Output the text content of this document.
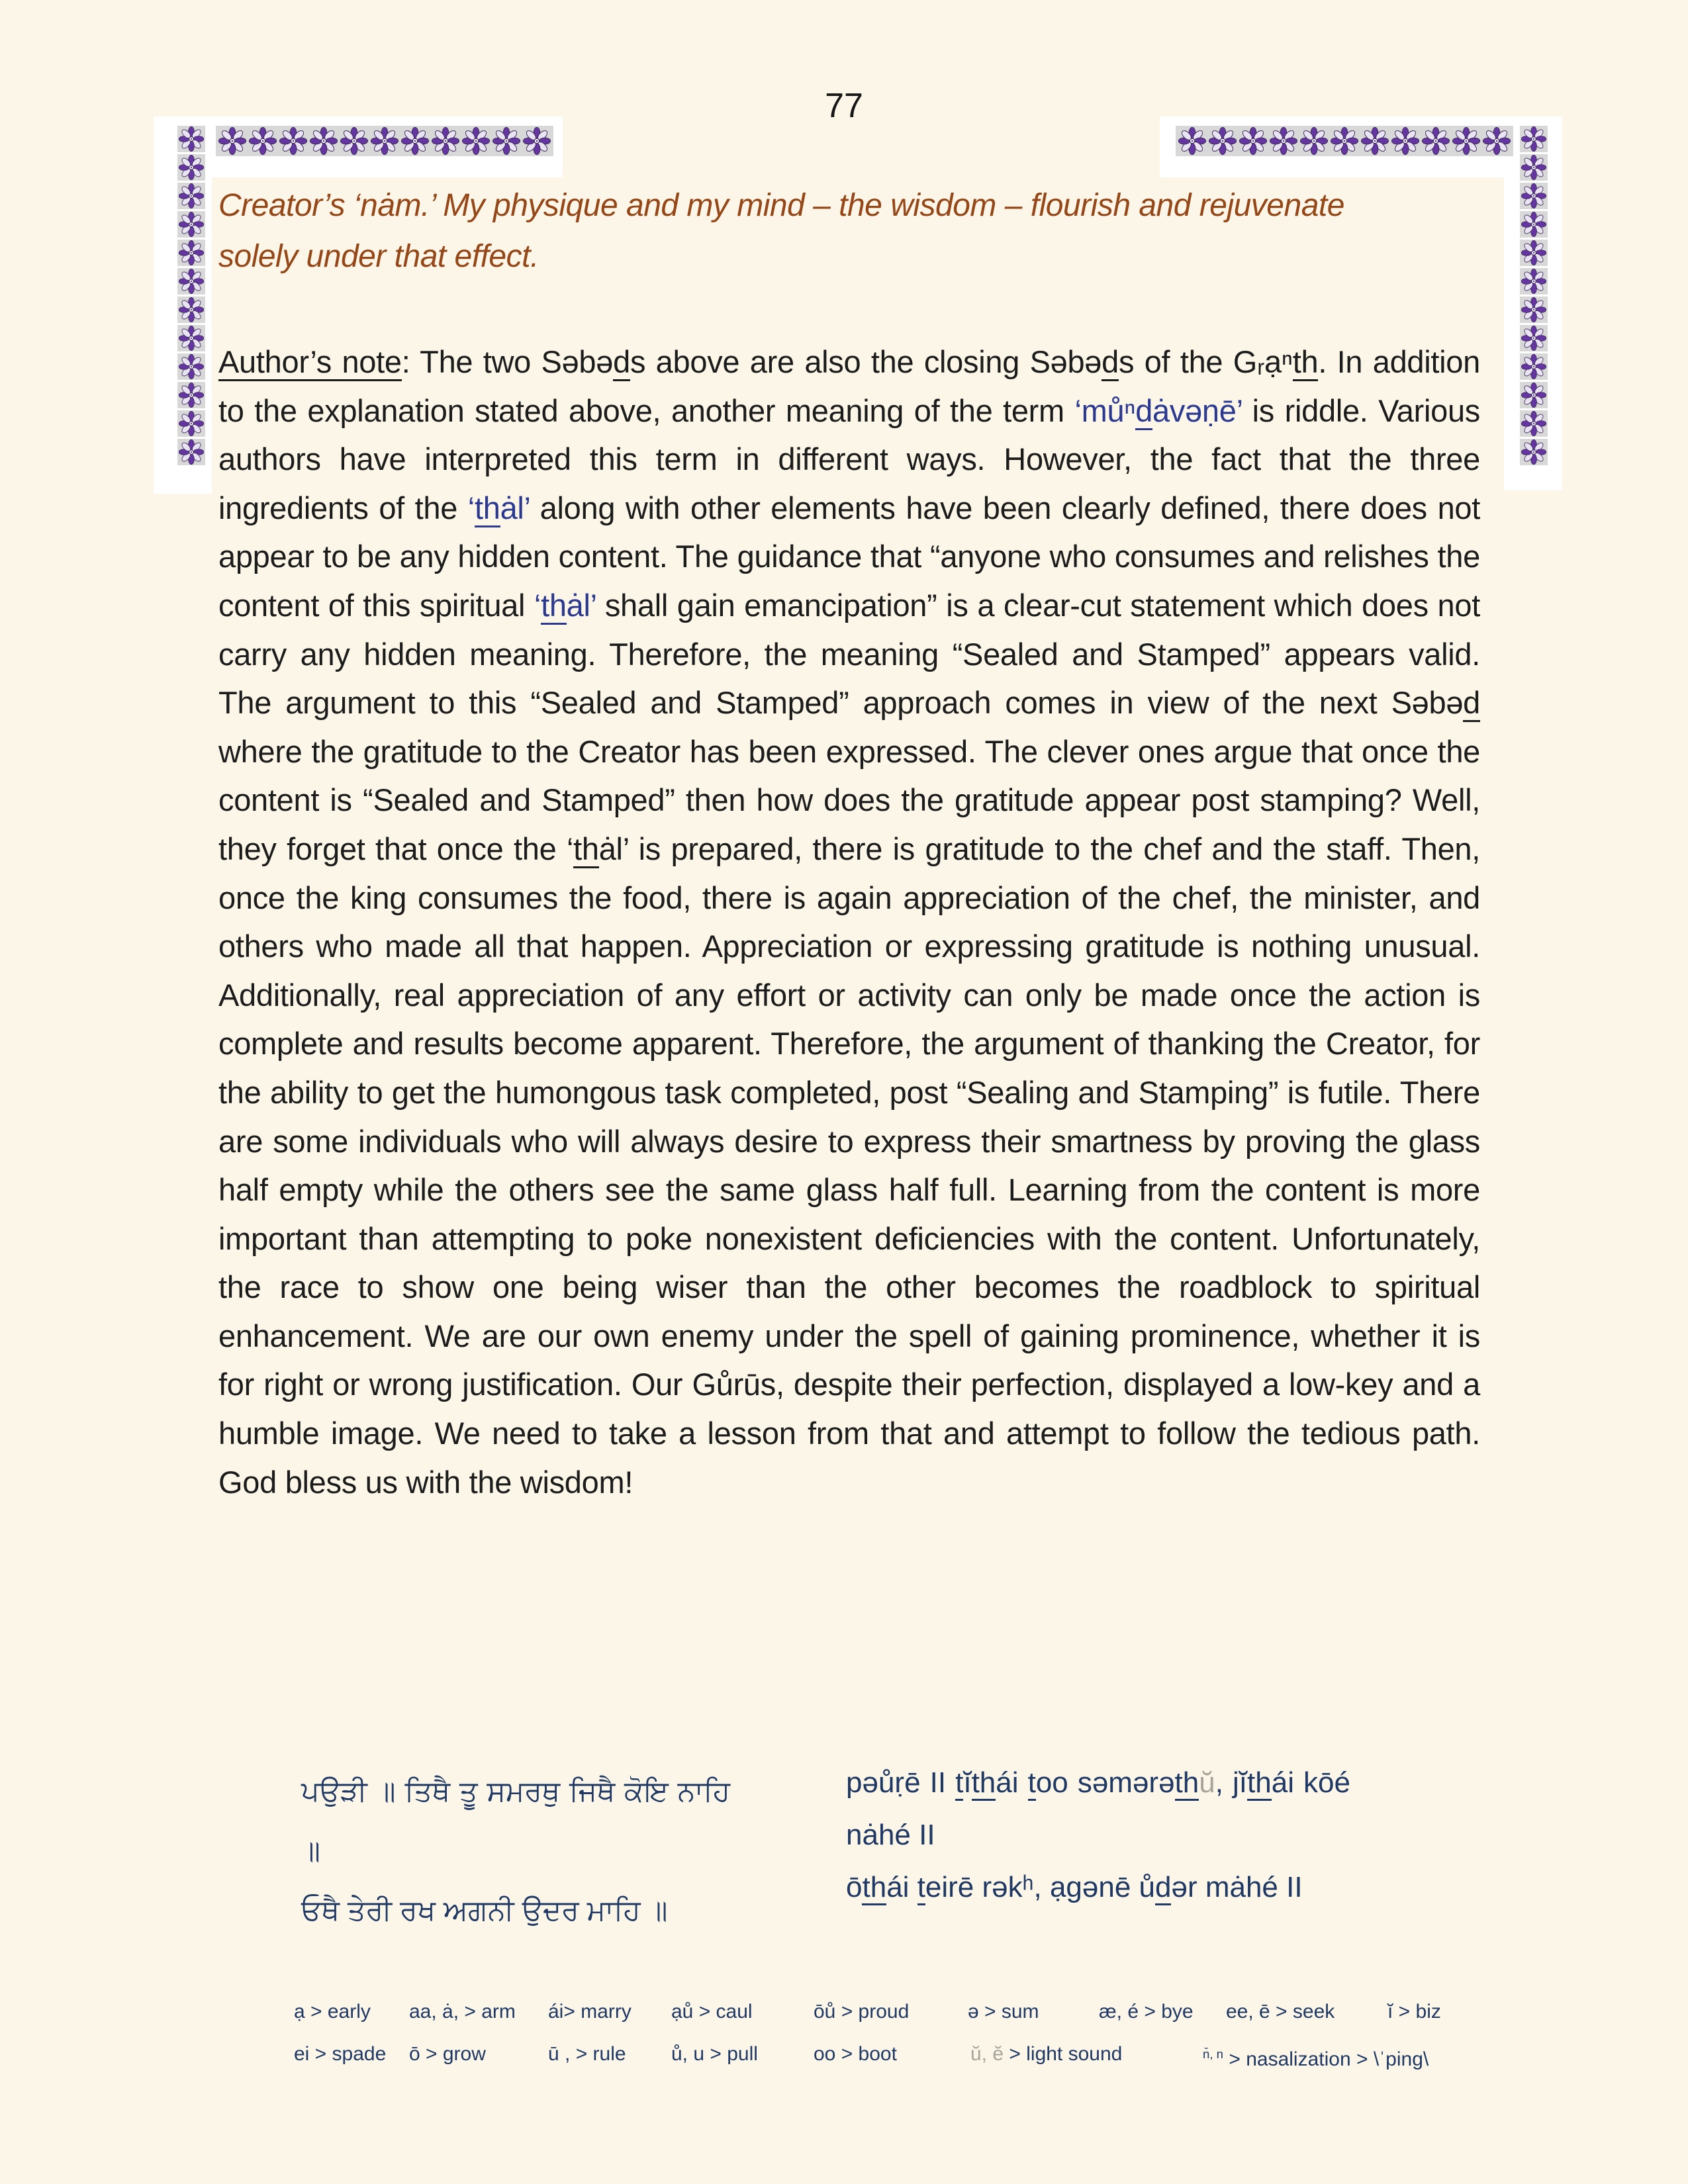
77
Creator’s ‘nȧm.’ My physique and my mind – the wisdom – flourish and rejuvenate
solely under that effect.
Author’s note: The two Səbəds above are also the closing Səbəds of the Gᵣạⁿth. In addition to the explanation stated above, another meaning of the term ‘můⁿdȧvəṇē’ is riddle. Various authors have interpreted this term in different ways. However, the fact that the three ingredients of the ‘thȧl’ along with other elements have been clearly defined, there does not appear to be any hidden content. The guidance that “anyone who consumes and relishes the content of this spiritual ‘thȧl’ shall gain emancipation” is a clear-cut statement which does not carry any hidden meaning. Therefore, the meaning “Sealed and Stamped” appears valid. The argument to this “Sealed and Stamped” approach comes in view of the next Səbəd where the gratitude to the Creator has been expressed. The clever ones argue that once the content is “Sealed and Stamped” then how does the gratitude appear post stamping? Well, they forget that once the ‘thȧl’ is prepared, there is gratitude to the chef and the staff. Then, once the king consumes the food, there is again appreciation of the chef, the minister, and others who made all that happen. Appreciation or expressing gratitude is nothing unusual. Additionally, real appreciation of any effort or activity can only be made once the action is complete and results become apparent. Therefore, the argument of thanking the Creator, for the ability to get the humongous task completed, post “Sealing and Stamping” is futile. There are some individuals who will always desire to express their smartness by proving the glass half empty while the others see the same glass half full. Learning from the content is more important than attempting to poke nonexistent deficiencies with the content. Unfortunately, the race to show one being wiser than the other becomes the roadblock to spiritual enhancement. We are our own enemy under the spell of gaining prominence, whether it is for right or wrong justification. Our Gůrūs, despite their perfection, displayed a low-key and a humble image. We need to take a lesson from that and attempt to follow the tedious path. God bless us with the wisdom!

ਪਉੜੀ ॥ ਤਿਥੈ ਤੂ ਸਮਰਥੁ ਜਿਥੈ ਕੋਇ ਨਾਹਿ ॥

ਓਥੈ ਤੇਰੀ ਰਖ ਅਗਨੀ ਉਦਰ ਮਾਹਿ ॥

pəůṛē II tĭthái too səmərəthŭ, jĭthái kōé nȧhé II

ōthái teirē rəkʰ, ạgənē ůdər mȧhé II

ạ > early aa, ȧ, > arm ái> marry ạů > caul	ōů > proud	ə > sum	æ, é > bye ee, ē > seek	ĭ > biz
ei > spade ō > grow	ū , > rule ů, u > pull	oo > boot	ŭ, ĕ > light sound	$^{n̆, n}$ > nasalization > \ˈping\
